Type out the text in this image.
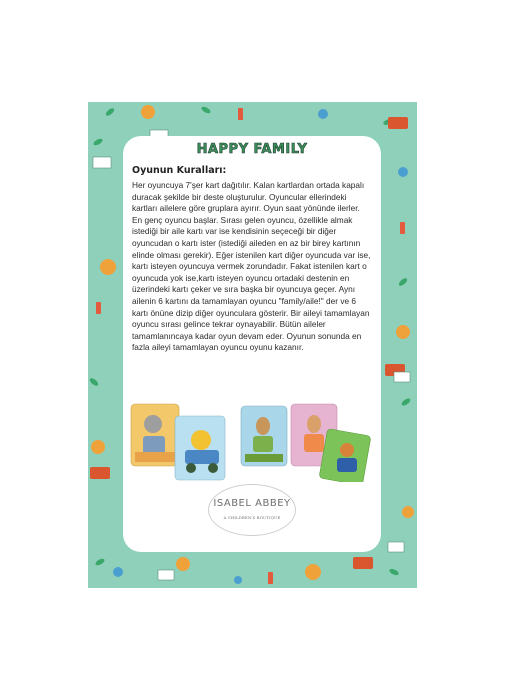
HAPPY FAMILY
Oyunun Kuralları:
Her oyuncuya 7'şer kart dağıtılır. Kalan kartlardan ortada kapalı duracak şekilde bir deste oluşturulur. Oyuncular ellerindeki kartları ailelere göre gruplara ayırır. Oyun saat yönünde ilerler. En genç oyuncu başlar. Sırası gelen oyuncu, özellikle almak istediği bir aile kartı var ise kendisinin seçeceği bir diğer oyuncudan o kartı ister (istediği aileden en az bir birey kartının elinde olması gerekir). Eğer istenilen kart diğer oyuncuda var ise, kartı isteyen oyuncuya vermek zorundadır. Fakat istenilen kart o oyuncuda yok ise,kartı isteyen oyuncu ortadaki destenin en üzerindeki kartı çeker ve sıra başka bir oyuncuya geçer. Aynı ailenin 6 kartını da tamamlayan oyuncu "family/aile!" der ve 6 kartı önüne dizip diğer oyunculara gösterir. Bir aileyi tamamlayan oyuncu sırası gelince tekrar oynayabilir. Bütün aileler tamamlanıncaya kadar oyun devam eder. Oyunun sonunda en fazla aileyi tamamlayan oyuncu oyunu kazanır.
ISABEL ABBEY
A CHILDREN'S BOUTIQUE
